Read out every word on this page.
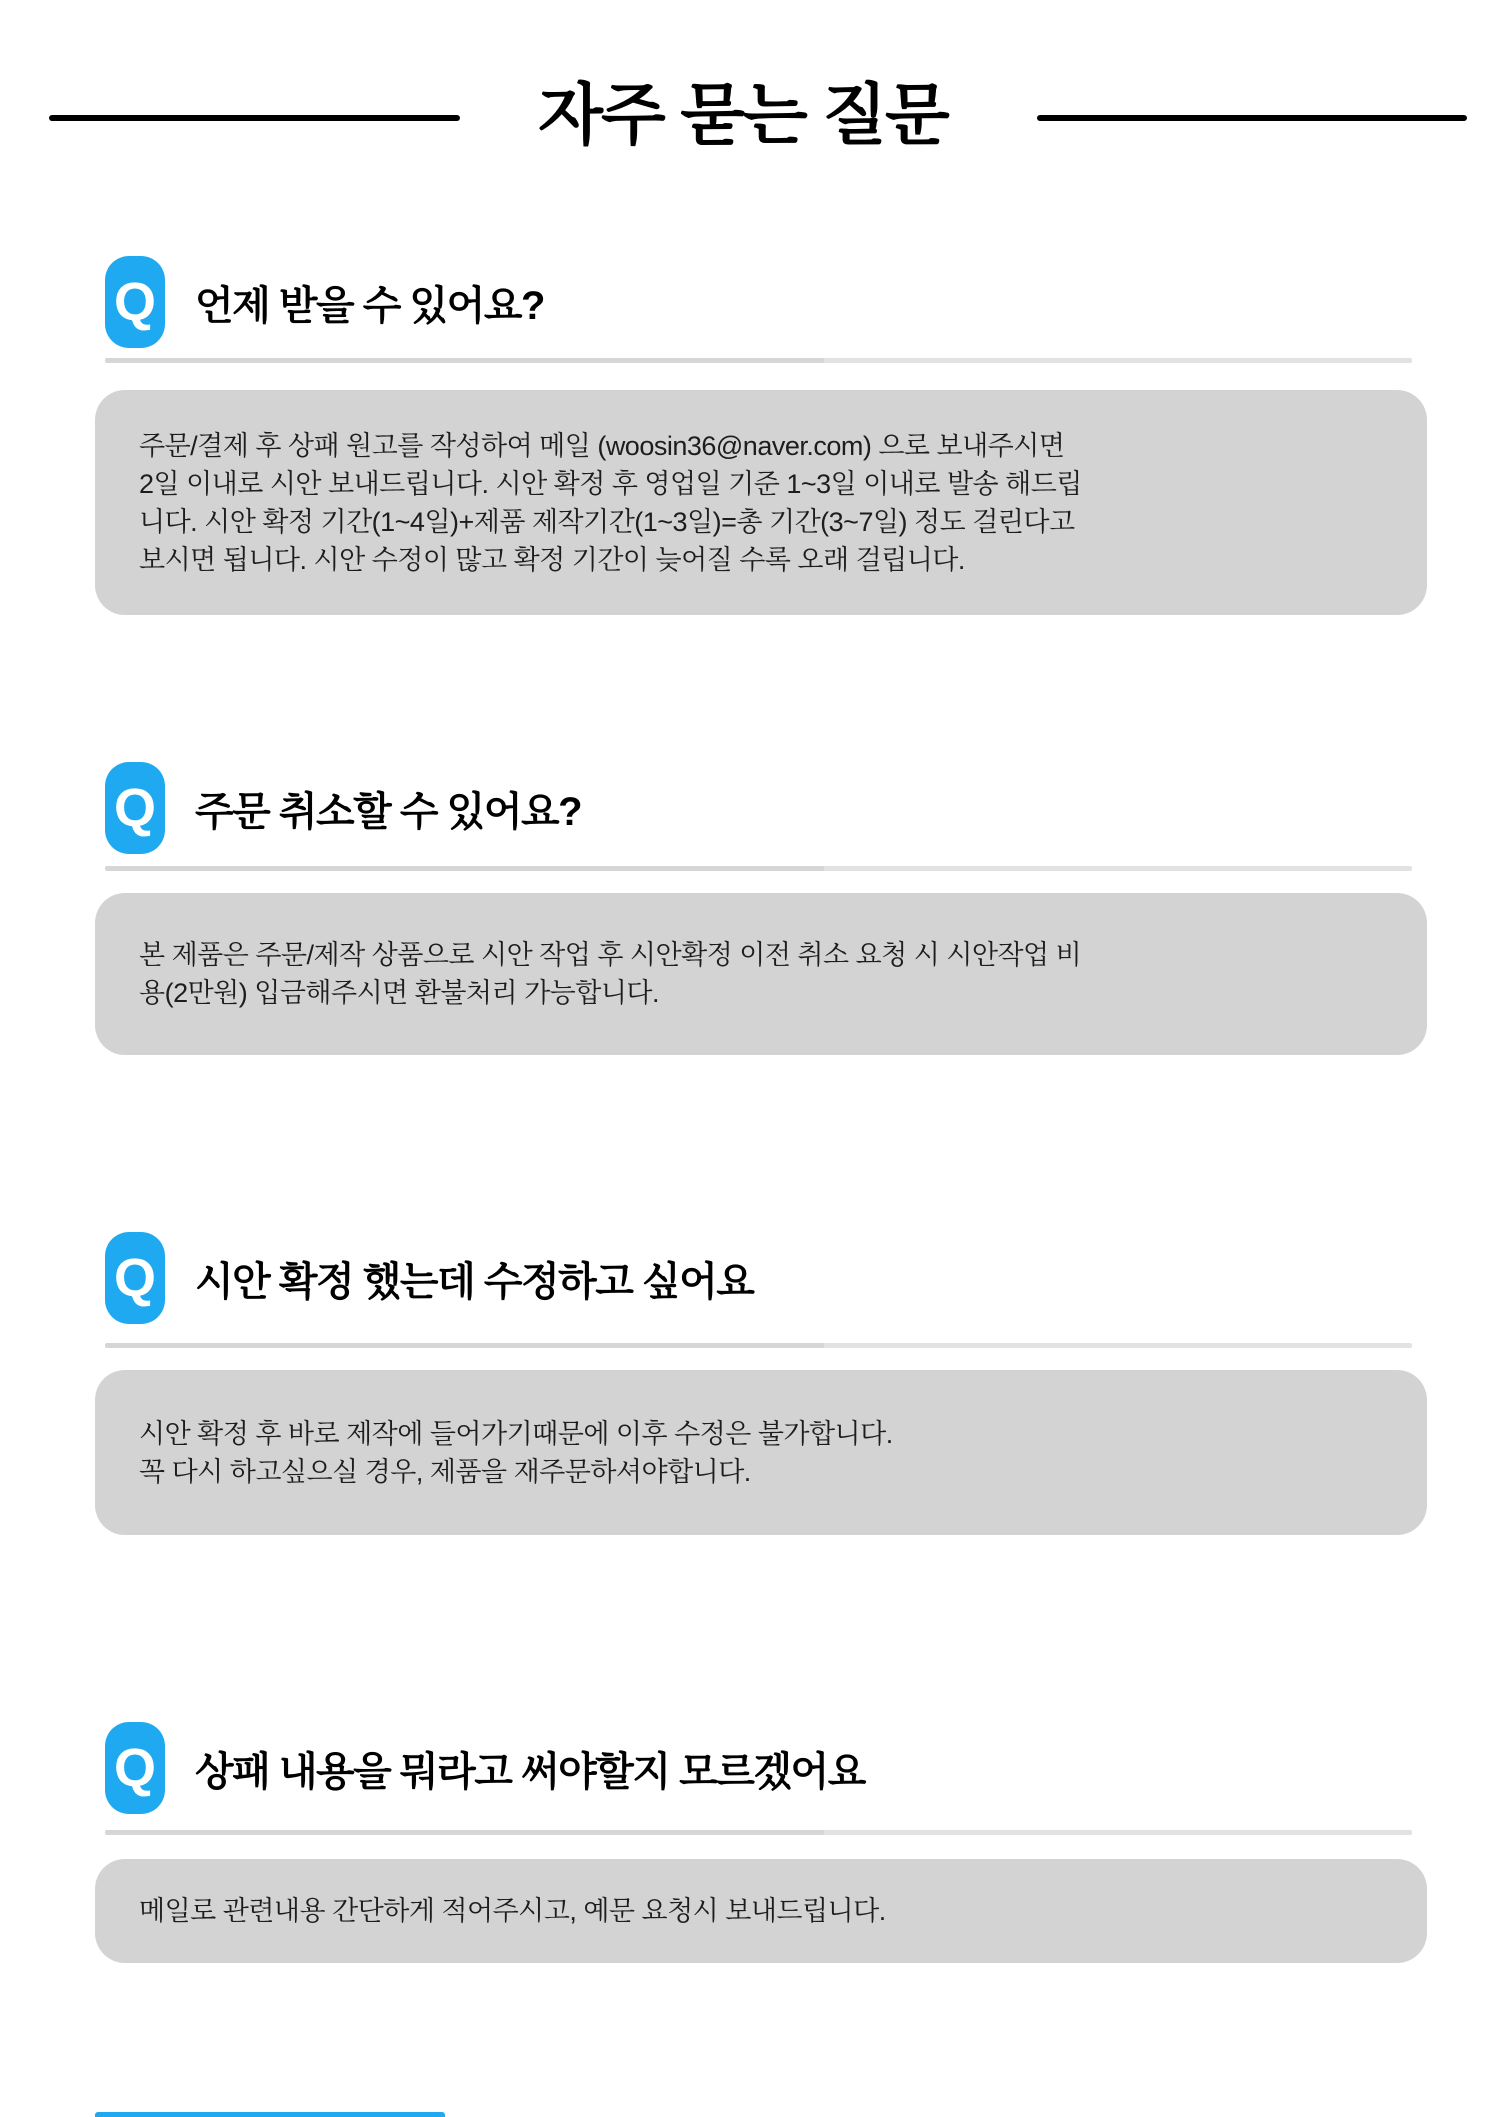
자주 묻는 질문
Q 언제 받을 수 있어요?
주문/결제 후 상패 원고를 작성하여 메일 (woosin36@naver.com) 으로 보내주시면
2일 이내로 시안 보내드립니다. 시안 확정 후 영업일 기준 1~3일 이내로 발송 해드립
니다. 시안 확정 기간(1~4일)+제품 제작기간(1~3일)=총 기간(3~7일) 정도 걸린다고
보시면 됩니다. 시안 수정이 많고 확정 기간이 늦어질 수록 오래 걸립니다.
Q 주문 취소할 수 있어요?
본 제품은 주문/제작 상품으로 시안 작업 후 시안확정 이전 취소 요청 시 시안작업 비
용(2만원) 입금해주시면 환불처리 가능합니다.
Q 시안 확정 했는데 수정하고 싶어요
시안 확정 후 바로 제작에 들어가기때문에 이후 수정은 불가합니다.
꼭 다시 하고싶으실 경우, 제품을 재주문하셔야합니다.
Q 상패 내용을 뭐라고 써야할지 모르겠어요
메일로 관련내용 간단하게 적어주시고, 예문 요청시 보내드립니다.
